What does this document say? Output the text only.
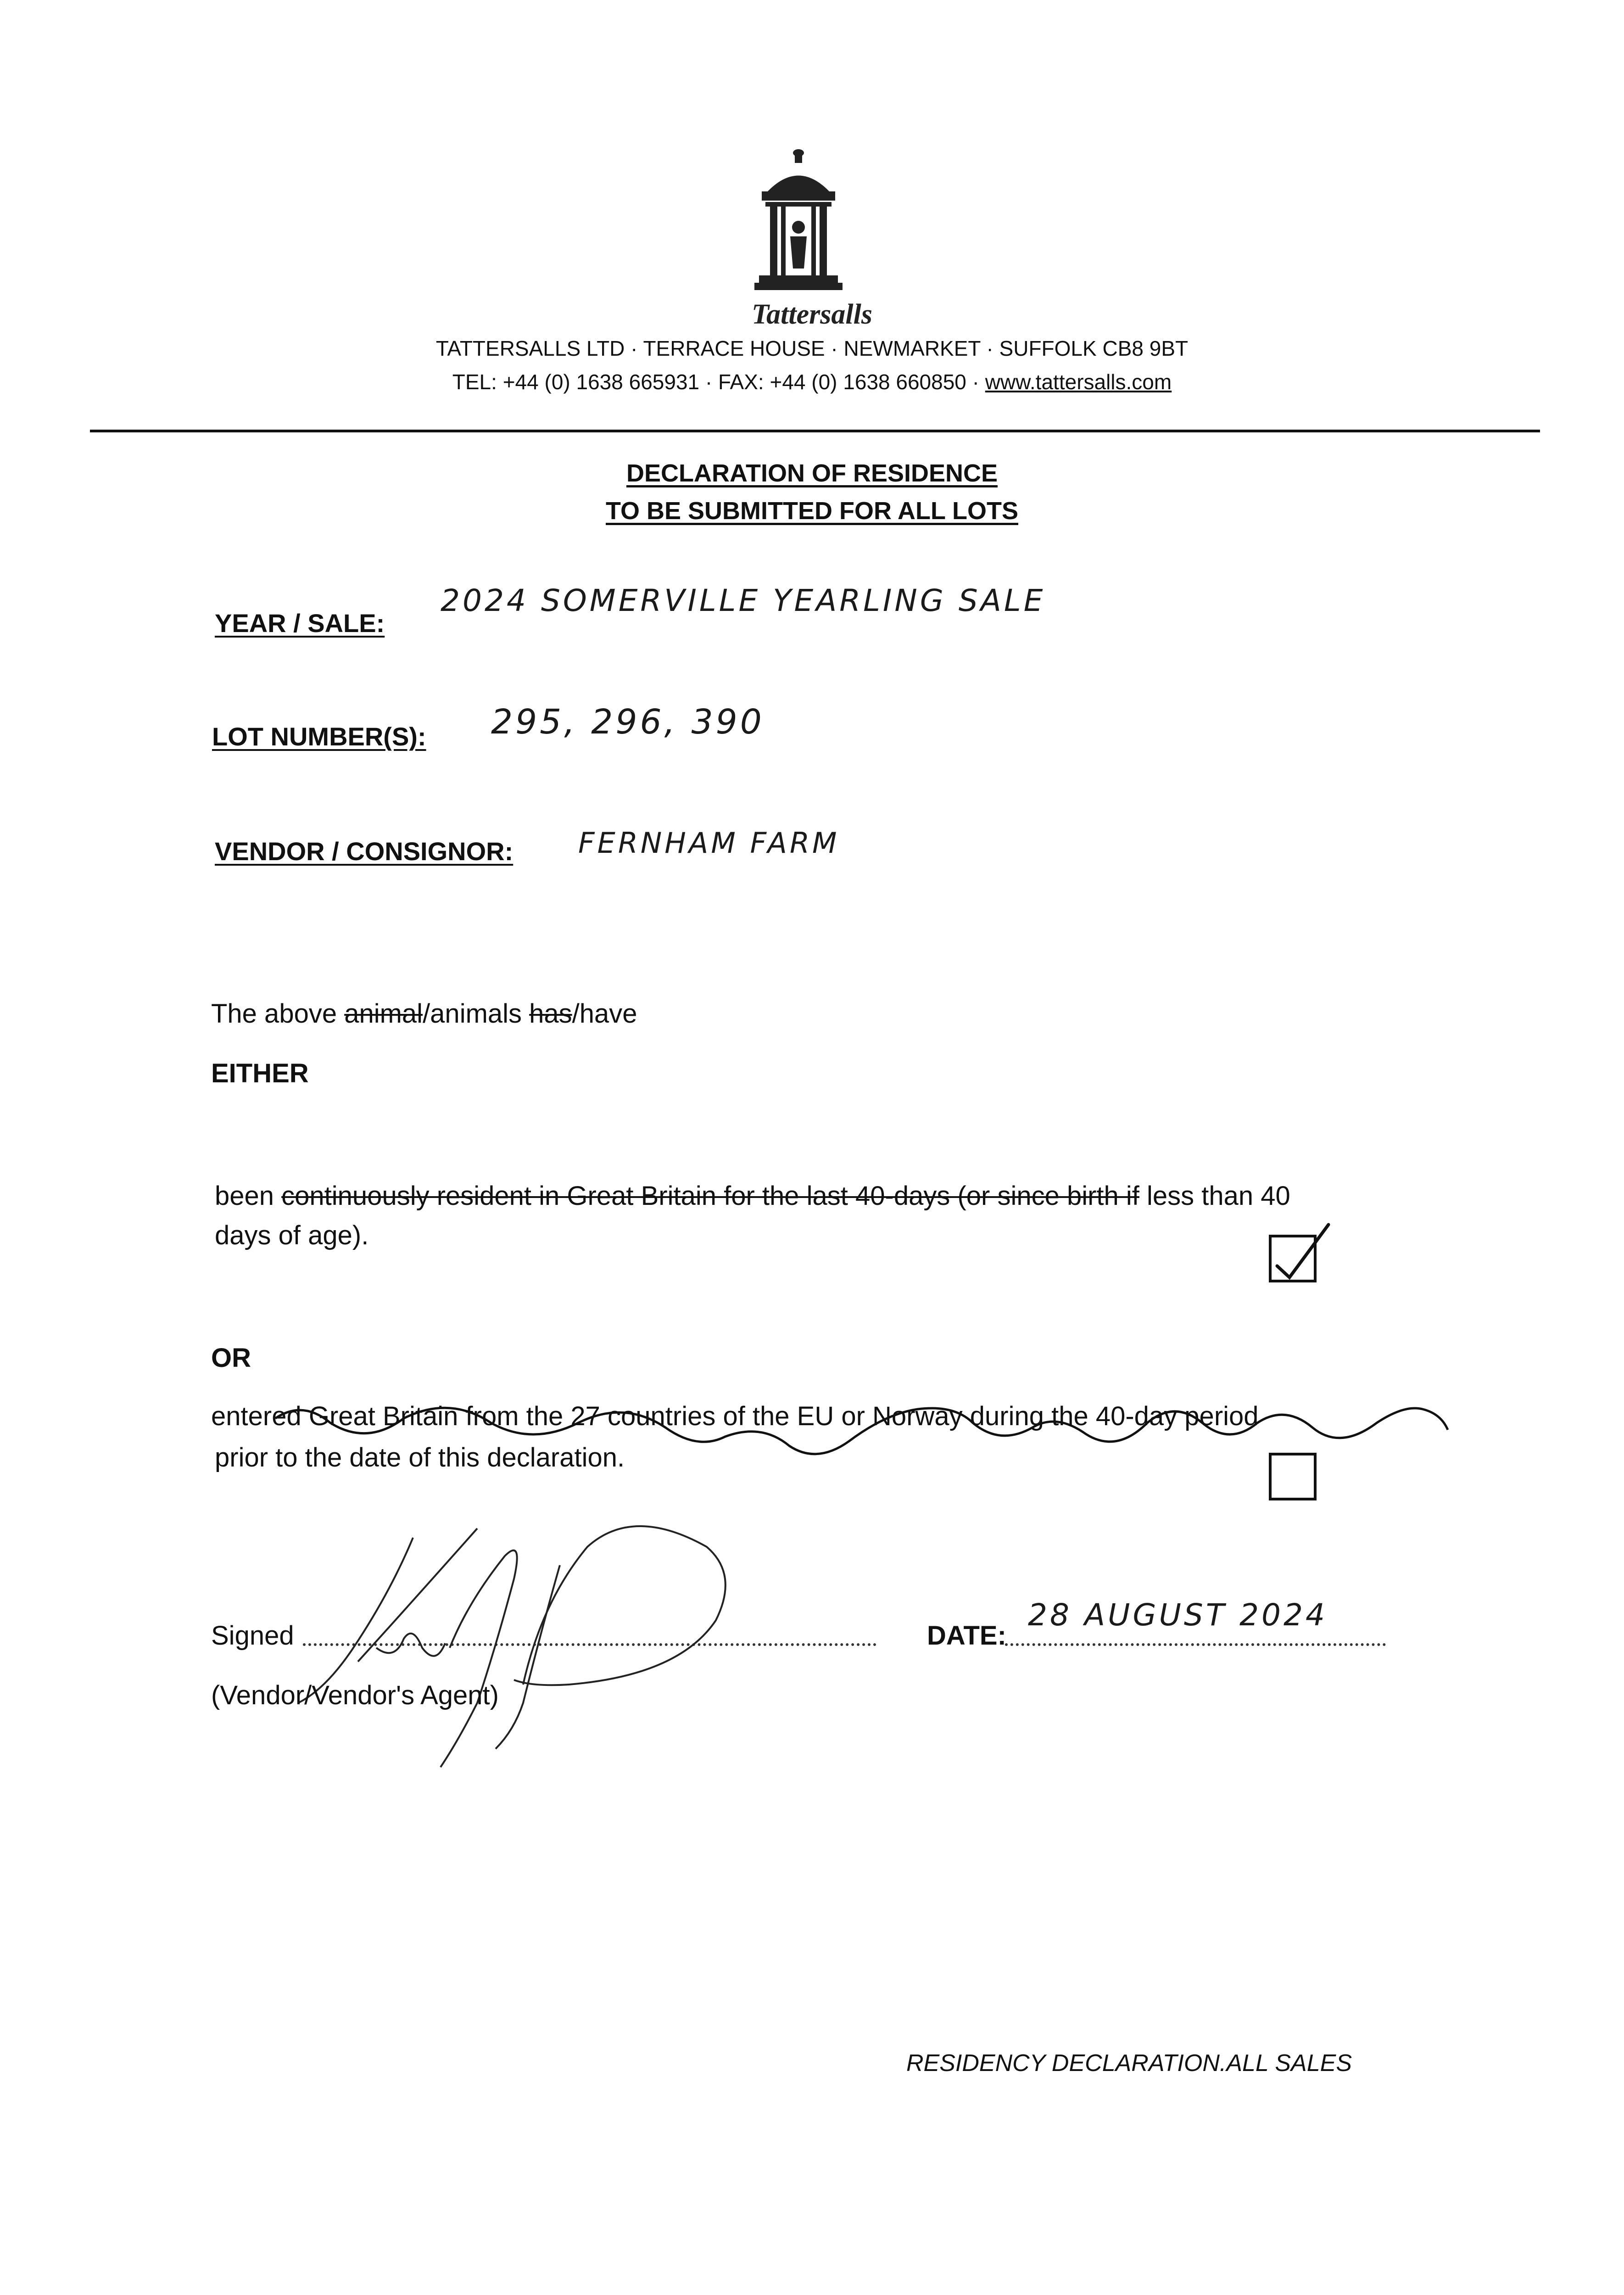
Tattersalls
TATTERSALLS LTD · TERRACE HOUSE · NEWMARKET · SUFFOLK CB8 9BT
TEL: +44 (0) 1638 665931 · FAX: +44 (0) 1638 660850 · www.tattersalls.com
DECLARATION OF RESIDENCE
TO BE SUBMITTED FOR ALL LOTS
YEAR / SALE:
2024 SOMERVILLE YEARLING SALE
LOT NUMBER(S): 295, 296, 390
VENDOR / CONSIGNOR: FERNHAM FARM
The above animal/animals has/have
EITHER
been continuously resident in Great Britain for the last 40-days (or since birth if less than 40
days of age).
OR
entered Great Britain from the 27 countries of the EU or Norway during the 40-day period
prior to the date of this declaration.
Signed
(Vendor/Vendor's Agent)
DATE:
28 AUGUST 2024
RESIDENCY DECLARATION.ALL SALES
